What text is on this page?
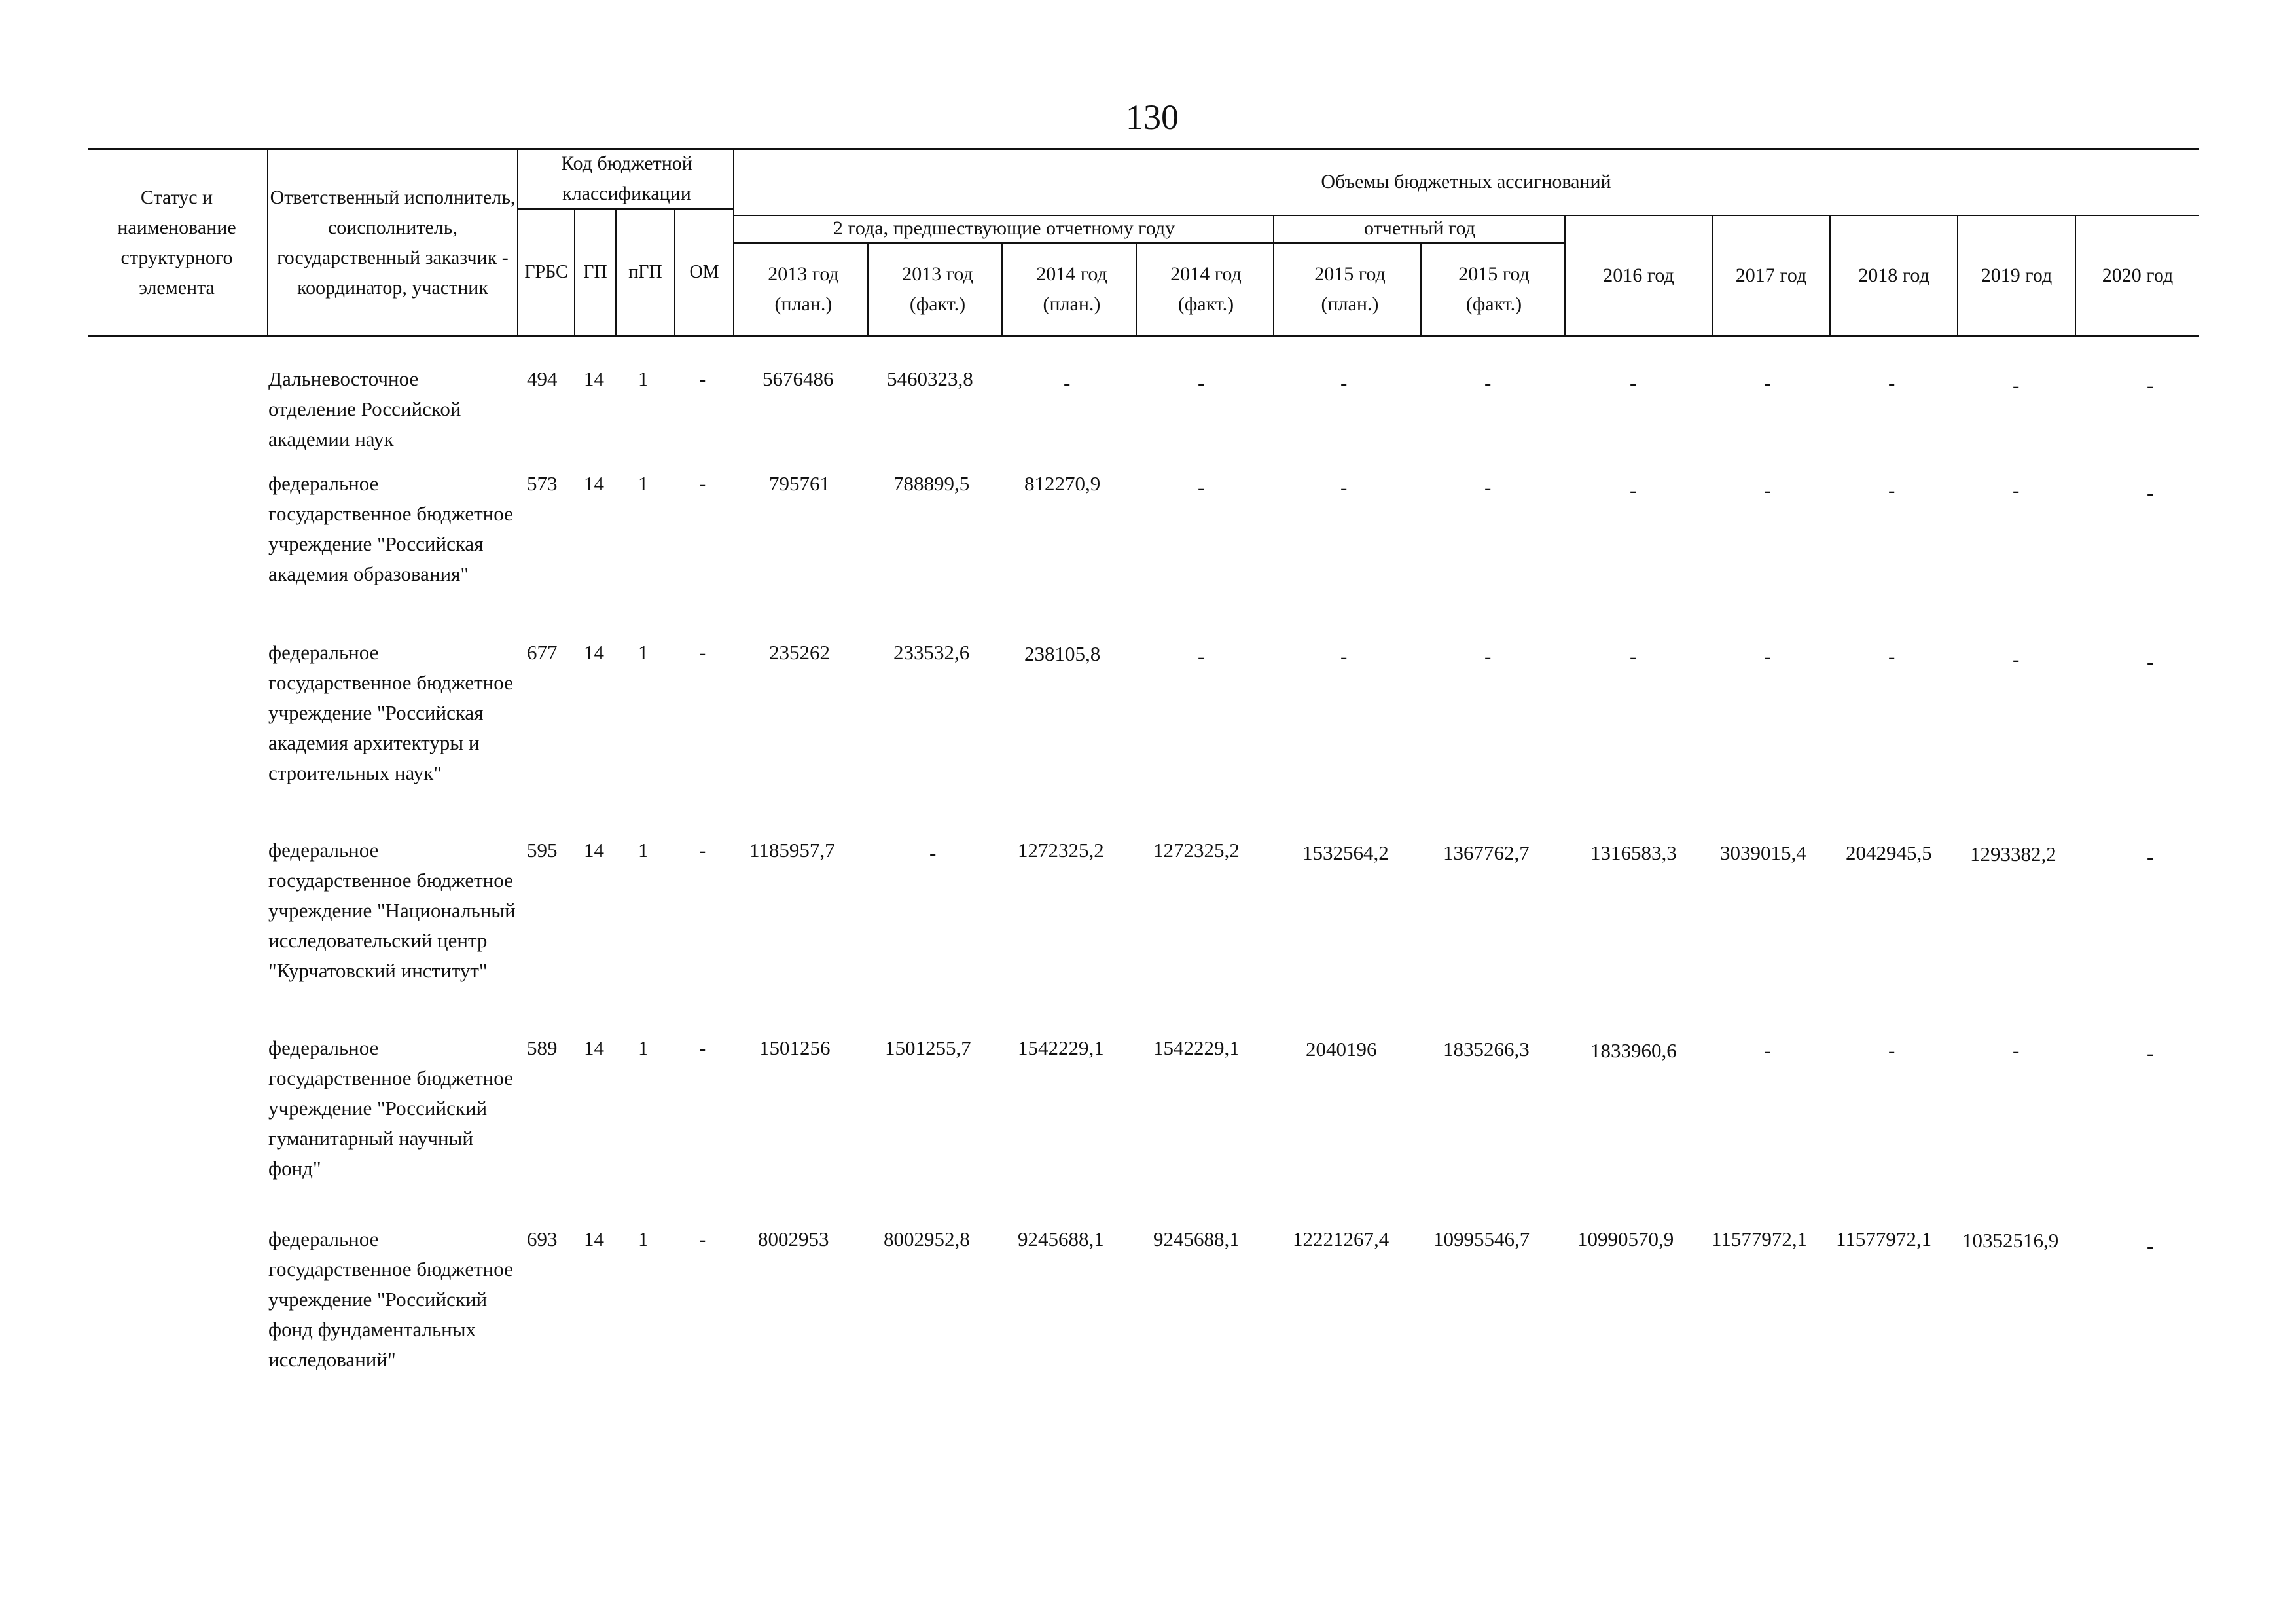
130
Статус и наименование структурного элемента
Ответственный исполнитель, соисполнитель, государственный заказчик - координатор, участник
Код бюджетной классификации
Объемы бюджетных ассигнований
2 года, предшествующие отчетному году	отчетный год
ГРБС ГП	пГП	ОМ	2013 год (план.)
2013 год (факт.)
2014 год (план.)
2014 год (факт.)
2015 год (план.)
2015 год (факт.)
2016 год	2017 год	2018 год	2019 год	2020 год
Дальневосточное отделение Российской академии наук
494 14 1	-	5676486	5460323,8	-	-	-	-	-	-	-	-	-
федеральное государственное бюджетное учреждение "Российская академия образования"
573 14 1	-	795761	788899,5	812270,9	-	-	-	-	-	-	-	-
федеральное государственное бюджетное учреждение "Российская академия архитектуры и строительных наук"
677 14 1	-	235262	233532,6	238105,8	-	-	-	-	-	-	-	-
федеральное государственное бюджетное учреждение "Национальный исследовательский центр "Курчатовский институт"
595 14 1	- 1185957,7	-	1272325,2 1272325,2	1532564,2	1367762,7	1316583,3 3039015,4 2042945,5 1293382,2	-
федеральное государственное бюджетное учреждение "Российский гуманитарный научный фонд"
589 14 1	-	1501256	1501255,7 1542229,1 1542229,1	2040196	1835266,3	1833960,6	-	-	-	-
федеральное государственное бюджетное учреждение "Российский фонд фундаментальных исследований"
693 14 1	-	8002953	8002952,8 9245688,1 9245688,1	12221267,4 10995546,7 10990570,9 11577972,1 11577972,1 10352516,9	-
